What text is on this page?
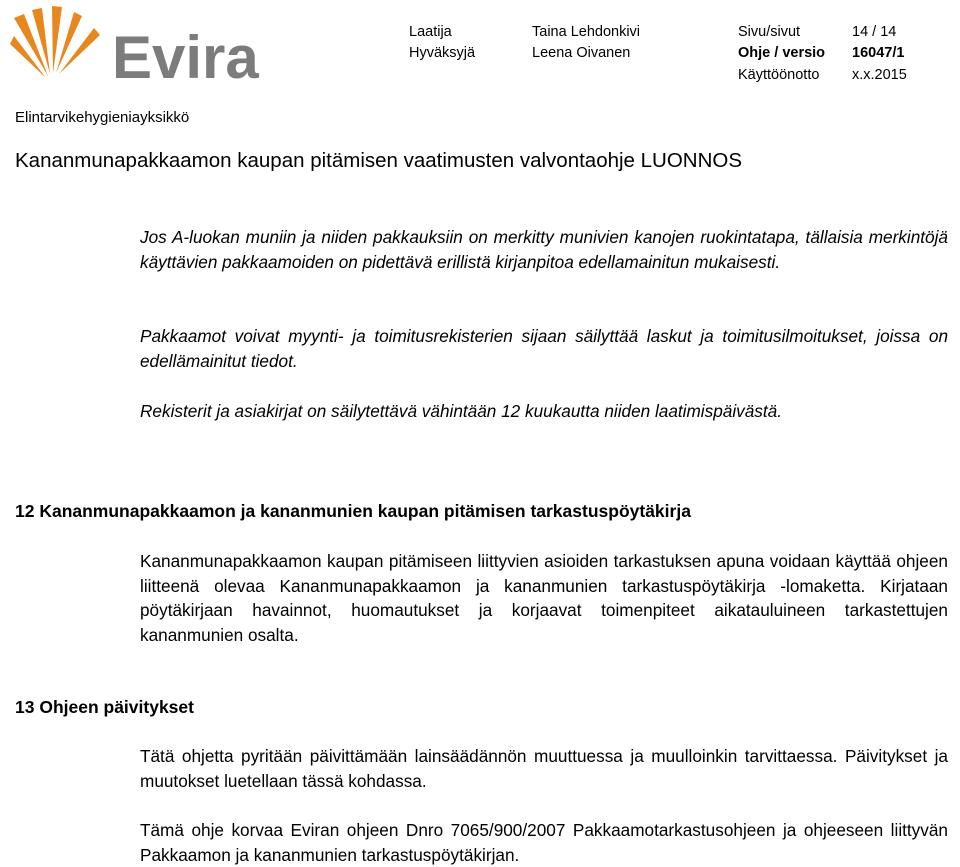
Evira	Laatija	Taina Lehdonkivi	Sivu/sivut	14 / 14
Hyväksyjä	Leena Oivanen	Ohje / versio 16047/1
Käyttöönotto x.x.2015
Elintarvikehygieniayksikkö
Kananmunapakkaamon kaupan pitämisen vaatimusten valvontaohje LUONNOS
Jos A-luokan muniin ja niiden pakkauksiin on merkitty munivien kanojen ruokintatapa, tällaisia merkintöjä käyttävien pakkaamoiden on pidettävä erillistä kirjanpitoa edellamainitun mukaisesti.
Pakkaamot voivat myynti- ja toimitusrekisterien sijaan säilyttää laskut ja toimitusilmoitukset, joissa on edellämainitut tiedot.
Rekisterit ja asiakirjat on säilytettävä vähintään 12 kuukautta niiden laatimispäivästä.
12 Kananmunapakkaamon ja kananmunien kaupan pitämisen tarkastuspöytäkirja
Kananmunapakkaamon kaupan pitämiseen liittyvien asioiden tarkastuksen apuna voidaan käyttää ohjeen liitteenä olevaa Kananmunapakkaamon ja kananmunien tarkastuspöytäkirja -lomaketta. Kirjataan pöytäkirjaan havainnot, huomautukset ja korjaavat toimenpiteet aikatauluineen tarkastettujen kananmunien osalta.
13 Ohjeen päivitykset
Tätä ohjetta pyritään päivittämään lainsäädännön muuttuessa ja muulloinkin tarvittaessa. Päivitykset ja muutokset luetellaan tässä kohdassa.
Tämä ohje korvaa Eviran ohjeen Dnro 7065/900/2007 Pakkaamotarkastusohjeen ja ohjeeseen liittyvän Pakkaamon ja kananmunien tarkastuspöytäkirjan.
